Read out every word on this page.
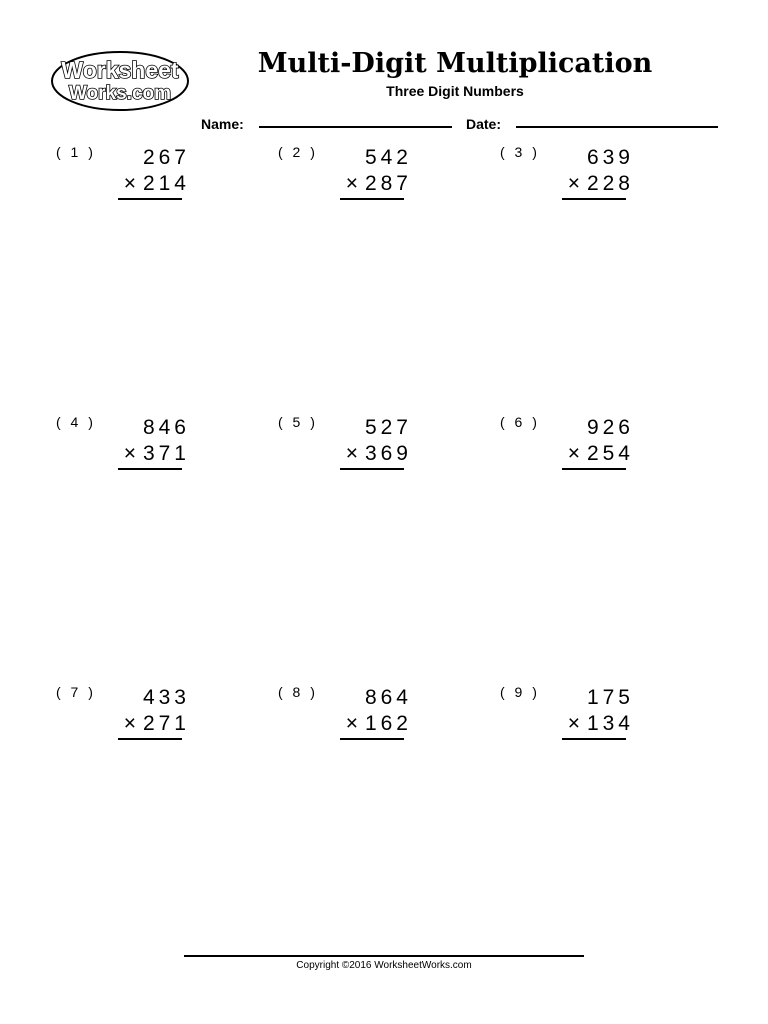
Worksheet
Works.com
Multi-Digit Multiplication
Three Digit Numbers
Name:	Date:
( 1 ) 267
× 214
( 2 ) 542
× 287
( 3 ) 639
× 228
( 4 ) 846
× 371
( 5 ) 527
× 369
( 6 ) 926
× 254
( 7 ) 433
× 271
( 8 ) 864
× 162
( 9 ) 175
× 134
Copyright ©2016 WorksheetWorks.com
